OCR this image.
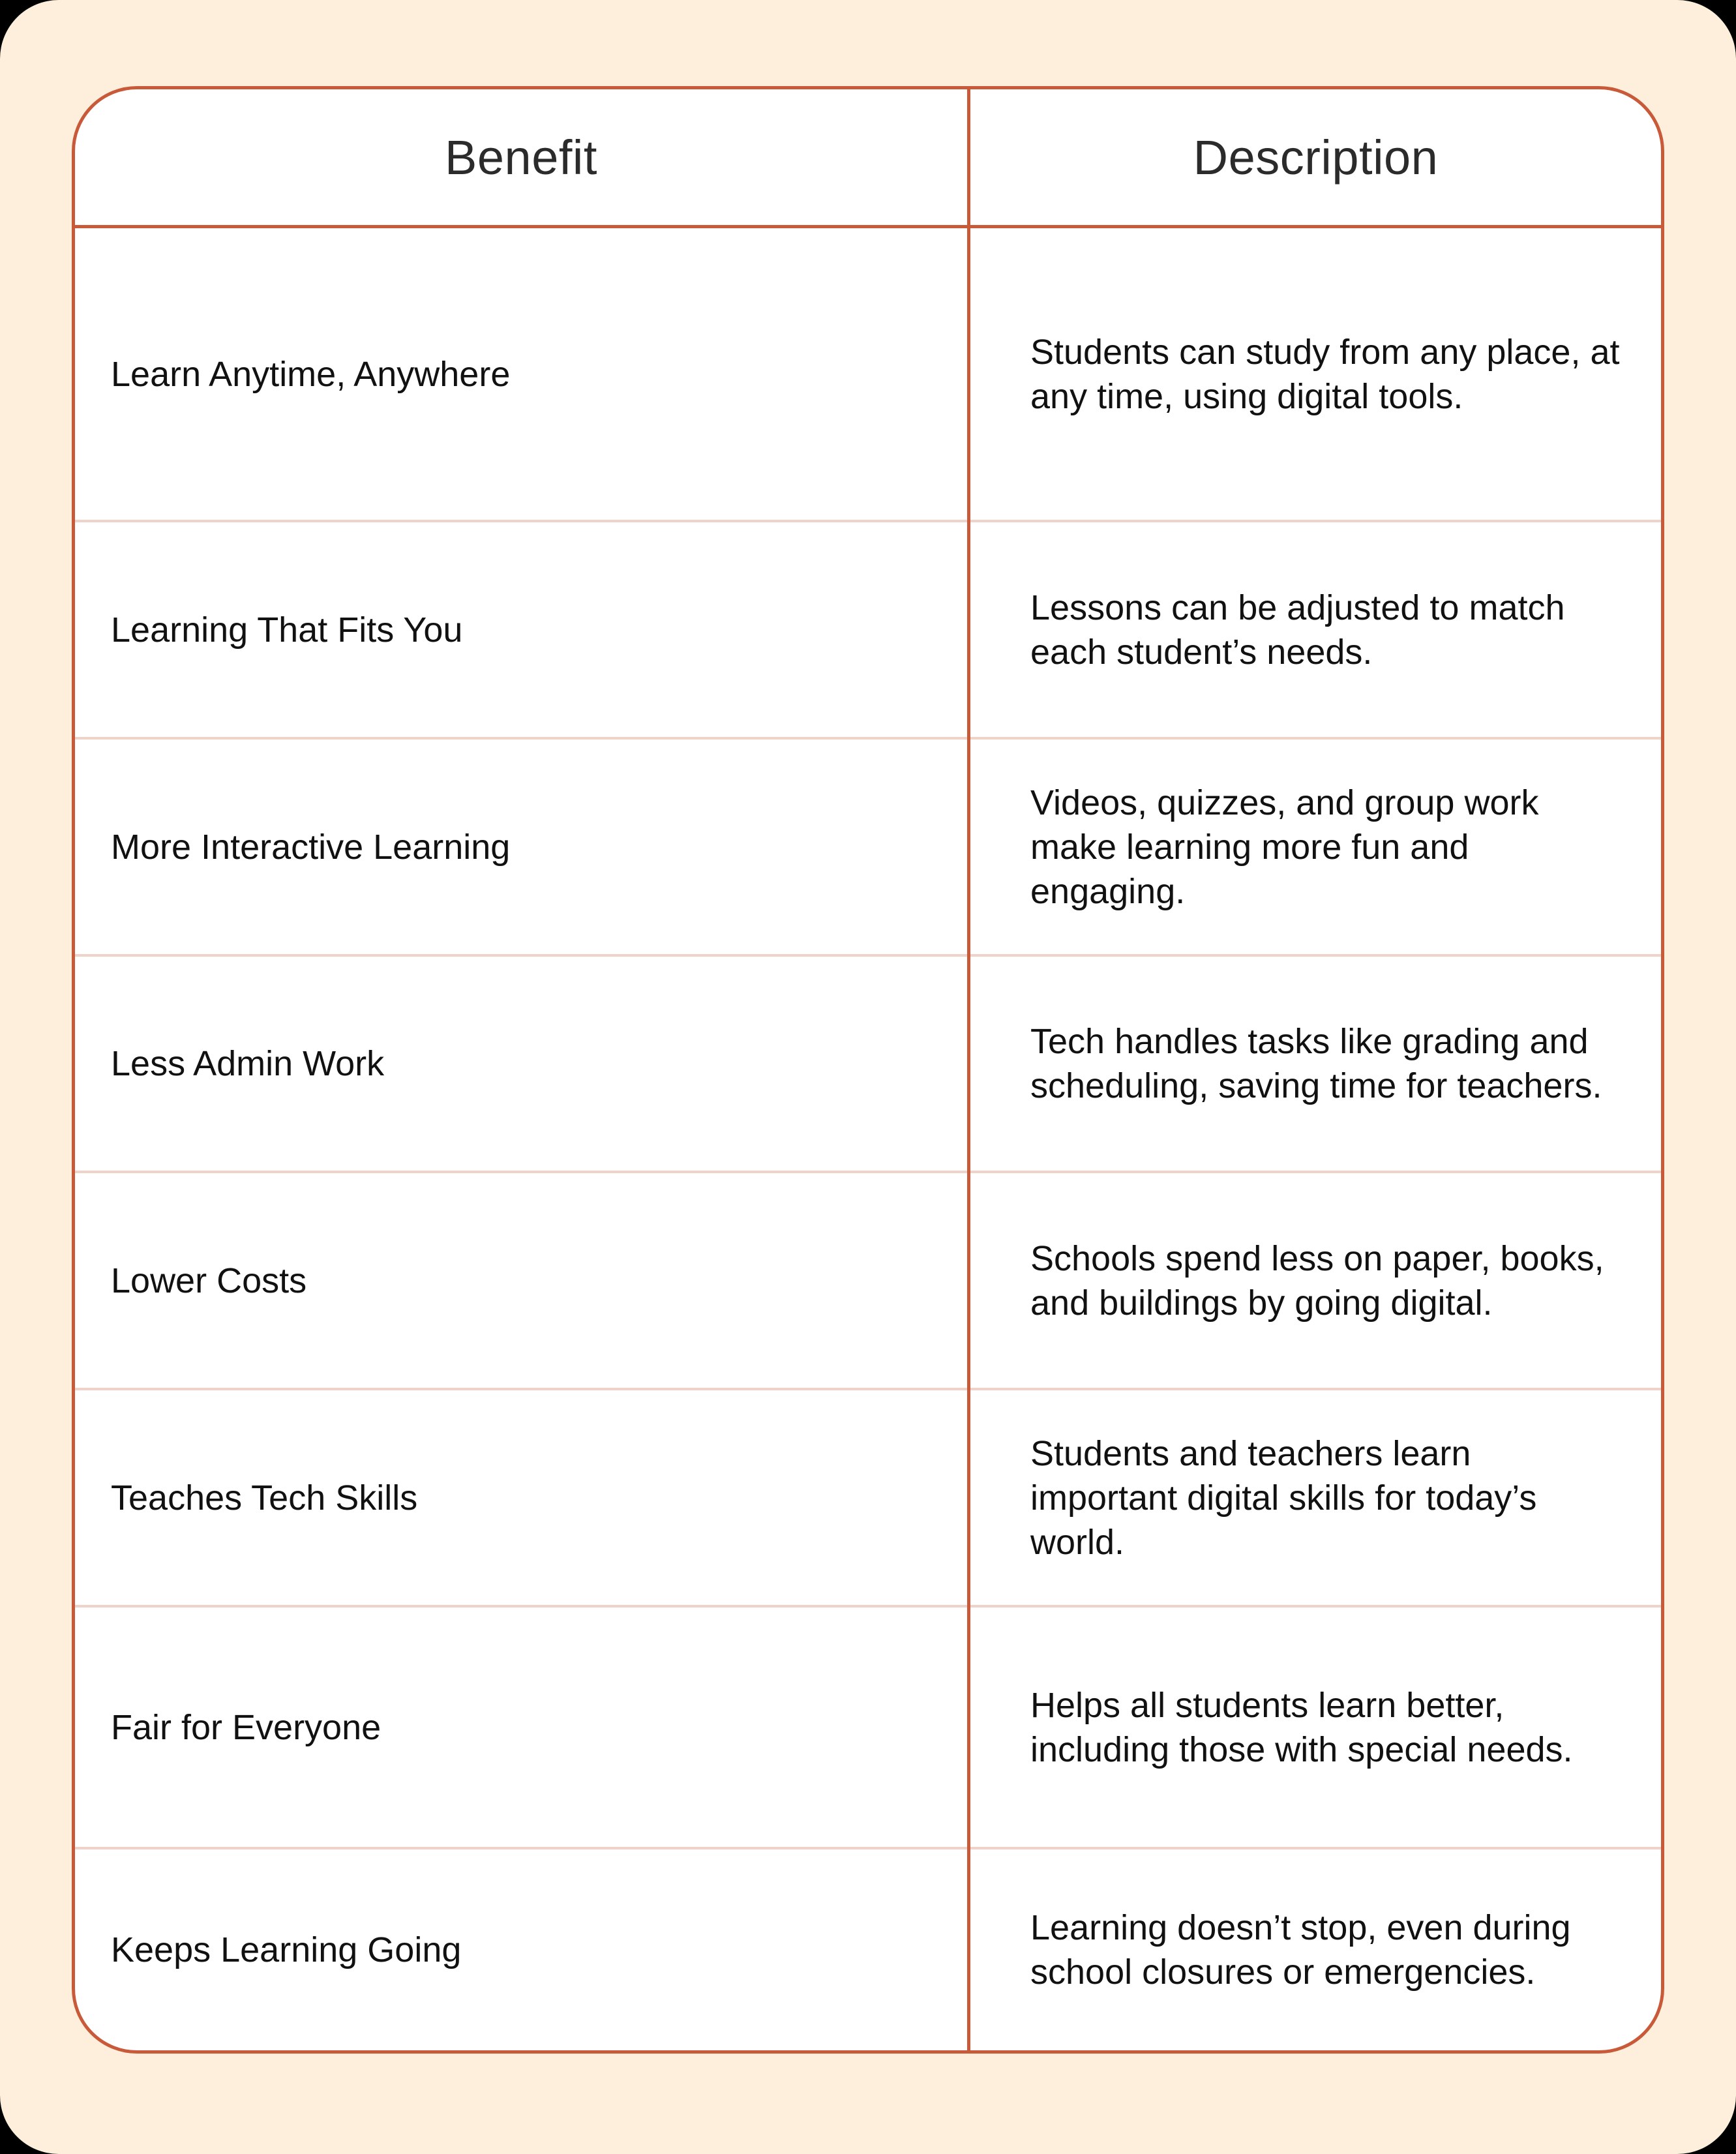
Benefit	Description
Learn Anytime, Anywhere
Students can study from any place, at any time, using digital tools.
Learning That Fits You
Lessons can be adjusted to match each student’s needs.
More Interactive Learning
Videos, quizzes, and group work make learning more fun and engaging.
Less Admin Work
Tech handles tasks like grading and scheduling, saving time for teachers.
Lower Costs
Schools spend less on paper, books, and buildings by going digital.
Teaches Tech Skills
Students and teachers learn important digital skills for today’s world.
Fair for Everyone
Helps all students learn better, including those with special needs.
Keeps Learning Going
Learning doesn’t stop, even during school closures or emergencies.
